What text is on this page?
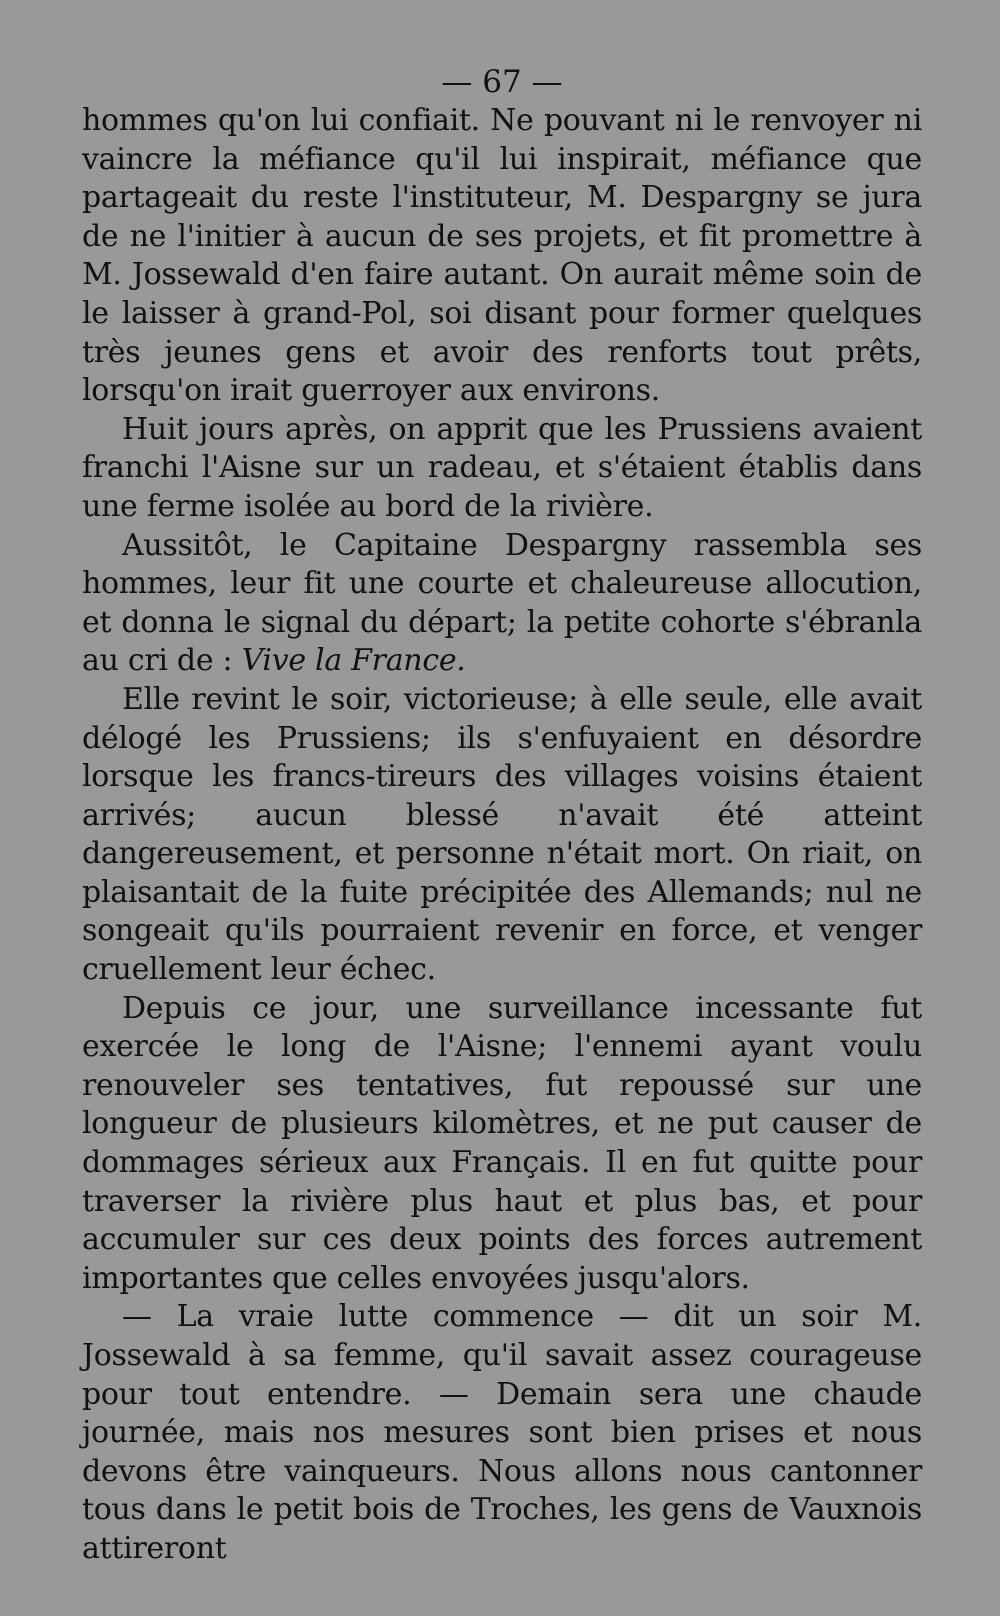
— 67 —

hommes qu'on lui confiait. Ne pouvant ni le renvoyer ni vaincre la méfiance qu'il lui inspirait, méfiance que partageait du reste l'instituteur, M. Despargny se jura de ne l'initier à aucun de ses projets, et fit promettre à M. Jossewald d'en faire autant. On aurait même soin de le laisser à grand-Pol, soi disant pour former quelques très jeunes gens et avoir des renforts tout prêts, lorsqu'on irait guerroyer aux environs.

Huit jours après, on apprit que les Prussiens avaient franchi l'Aisne sur un radeau, et s'étaient établis dans une ferme isolée au bord de la rivière.

Aussitôt, le Capitaine Despargny rassembla ses hommes, leur fit une courte et chaleureuse allocution, et donna le signal du départ; la petite cohorte s'ébranla au cri de : Vive la France.

Elle revint le soir, victorieuse; à elle seule, elle avait délogé les Prussiens; ils s'enfuyaient en désordre lorsque les francs-tireurs des villages voisins étaient arrivés; aucun blessé n'avait été atteint dangereusement, et personne n'était mort. On riait, on plaisantait de la fuite précipitée des Allemands; nul ne songeait qu'ils pourraient revenir en force, et venger cruellement leur échec.

Depuis ce jour, une surveillance incessante fut exercée le long de l'Aisne; l'ennemi ayant voulu renouveler ses tentatives, fut repoussé sur une longueur de plusieurs kilomètres, et ne put causer de dommages sérieux aux Français. Il en fut quitte pour traverser la rivière plus haut et plus bas, et pour accumuler sur ces deux points des forces autrement importantes que celles envoyées jusqu'alors.

— La vraie lutte commence — dit un soir M. Jossewald à sa femme, qu'il savait assez courageuse pour tout entendre. — Demain sera une chaude journée, mais nos mesures sont bien prises et nous devons être vainqueurs. Nous allons nous cantonner tous dans le petit bois de Troches, les gens de Vauxnois attireront
